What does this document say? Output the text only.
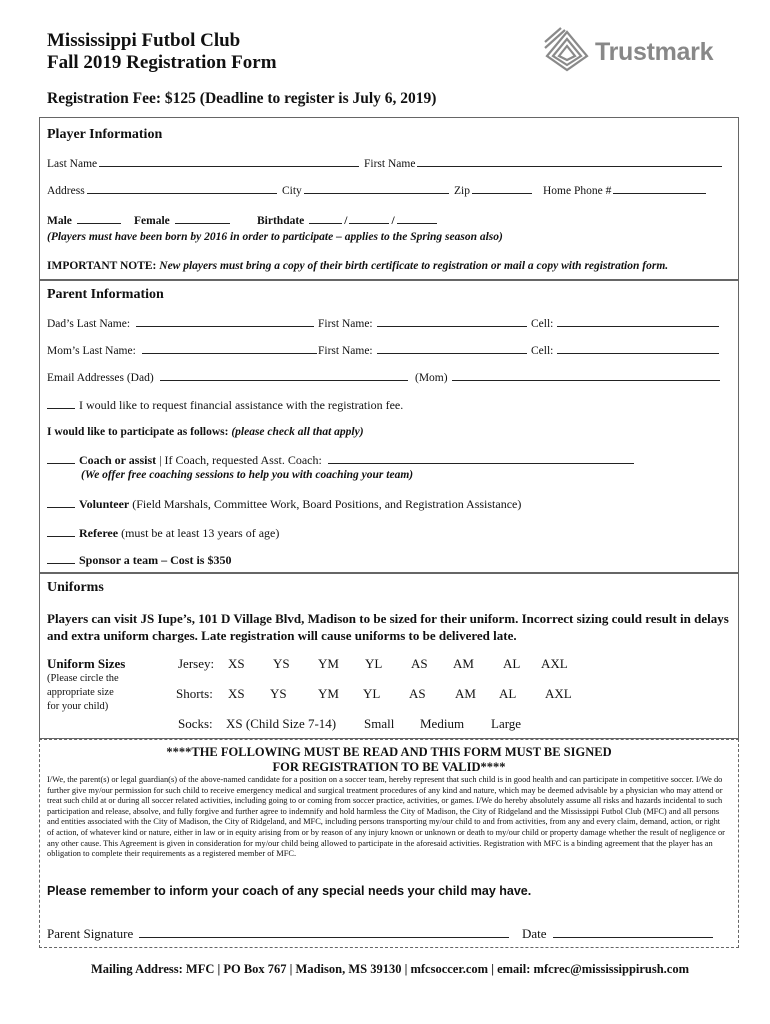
Mississippi Futbol Club
Fall 2019 Registration Form	Trustmark
Registration Fee: $125 (Deadline to register is July 6, 2019)
Player Information
Last Name	First Name
Address	City	Zip	Home Phone #
Male	Female	Birthdate	/	/
(Players must have been born by 2016 in order to participate – applies to the Spring season also)
IMPORTANT NOTE: New players must bring a copy of their birth certificate to registration or mail a copy with registration form.
Parent Information
Dad’s Last Name:	First Name:	Cell:
Mom’s Last Name:	First Name:	Cell:
Email Addresses (Dad)	(Mom)
I would like to request financial assistance with the registration fee.
I would like to participate as follows: (please check all that apply)
Coach or assist | If Coach, requested Asst. Coach:
(We offer free coaching sessions to help you with coaching your team)
Volunteer (Field Marshals, Committee Work, Board Positions, and Registration Assistance)
Referee (must be at least 13 years of age)
Sponsor a team – Cost is $350
Uniforms
Players can visit JS Iupe’s, 101 D Village Blvd, Madison to be sized for their uniform. Incorrect sizing could result in delays and extra uniform charges. Late registration will cause uniforms to be delivered late.
Uniform Sizes
(Please circle the
appropriate size
for your child)
Jersey: XS YS YM YL AS AM AL AXL
Shorts: XS YS YM YL AS AM AL AXL
Socks: XS (Child Size 7-14) Small Medium Large
****THE FOLLOWING MUST BE READ AND THIS FORM MUST BE SIGNED
FOR REGISTRATION TO BE VALID****
I/We, the parent(s) or legal guardian(s) of the above-named candidate for a position on a soccer team, hereby represent that such child is in good health and can participate in competitive soccer. I/We do further give my/our permission for such child to receive emergency medical and surgical treatment procedures of any kind and nature, which may be deemed advisable by a physician who may attend or treat such child at or during all soccer related activities, including going to or coming from soccer practice, activities, or games. I/We do hereby absolutely assume all risks and hazards incidental to such participation and release, absolve, and fully forgive and further agree to indemnify and hold harmless the City of Madison, the City of Ridgeland and the Mississippi Futbol Club (MFC) and all persons and entities associated with the City of Madison, the City of Ridgeland, and MFC, including persons transporting my/our child to and from activities, from any and every claim, demand, action, or right of action, of whatever kind or nature, either in law or in equity arising from or by reason of any injury known or unknown or death to my/our child or property damage whether the result of negligence or any other cause. This Agreement is given in consideration for my/our child being allowed to participate in the aforesaid activities. Registration with MFC is a binding agreement that the player has an obligation to complete their requirements as a registered member of MFC.
Please remember to inform your coach of any special needs your child may have.
Parent Signature	Date
Mailing Address: MFC | PO Box 767 | Madison, MS 39130 | mfcsoccer.com | email: mfcrec@mississippirush.com
